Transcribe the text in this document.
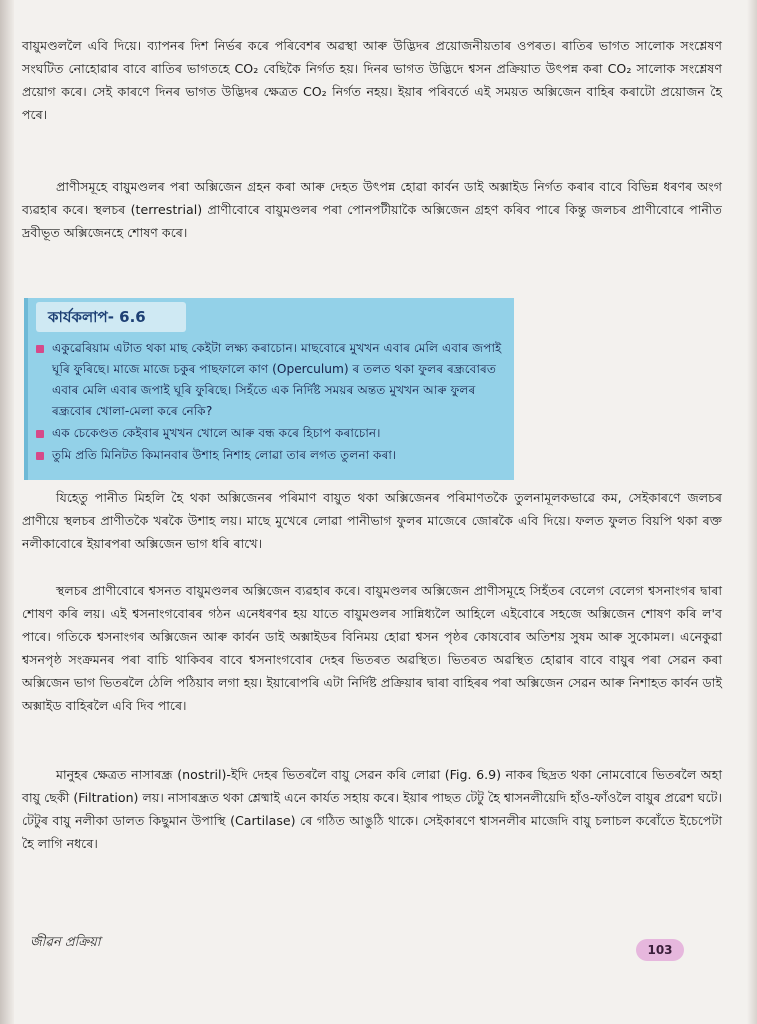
বায়ুমণ্ডললৈ এবি দিয়ে। ব্যাপনৰ দিশ নিৰ্ভৰ কৰে পৰিবেশৰ অৱস্থা আৰু উদ্ভিদৰ প্ৰয়োজনীয়তাৰ ওপৰত। ৰাতিৰ ভাগত সালোক সংশ্লেষণ সংঘটিত নোহোৱাৰ বাবে ৰাতিৰ ভাগতহে CO₂ বেছিকৈ নিৰ্গত হয়। দিনৰ ভাগত উদ্ভিদে শ্বসন প্ৰক্ৰিয়াত উৎপন্ন কৰা CO₂ সালোক সংশ্লেষণ প্ৰয়োগ কৰে। সেই কাৰণে দিনৰ ভাগত উদ্ভিদৰ ক্ষেত্ৰত CO₂ নিৰ্গত নহয়। ইয়াৰ পৰিবৰ্তে এই সময়ত অক্সিজেন বাহিৰ কৰাটো প্ৰয়োজন হৈ পৰে।

প্ৰাণীসমূহে বায়ুমণ্ডলৰ পৰা অক্সিজেন গ্ৰহন কৰা আৰু দেহত উৎপন্ন হোৱা কাৰ্বন ডাই অক্সাইড নিৰ্গত কৰাৰ বাবে বিভিন্ন ধৰণৰ অংগ ব্যৱহাৰ কৰে। স্থলচৰ (terrestrial) প্ৰাণীবোৰে বায়ুমণ্ডলৰ পৰা পোনপটীয়াকৈ অক্সিজেন গ্ৰহণ কৰিব পাৰে কিন্তু জলচৰ প্ৰাণীবোৰে পানীত দ্ৰবীভূত অক্সিজেনহে শোষণ কৰে।

কাৰ্যকলাপ- 6.6
একুৱেৰিয়াম এটাত থকা মাছ কেইটা লক্ষ্য কৰাচোন। মাছবোৰে মুখখন এবাৰ মেলি এবাৰ জপাই ঘূৰি ফুৰিছে। মাজে মাজে চকুৰ পাছফালে কাণ (Operculum) ৰ তলত থকা ফুলৰ ৰন্ধ্ৰবোৰত এবাৰ মেলি এবাৰ জপাই ঘূৰি ফুৰিছে। সিহঁতে এক নিৰ্দিষ্ট সময়ৰ অন্তত মুখখন আৰু ফুলৰ ৰন্ধ্ৰবোৰ খোলা-মেলা কৰে নেকি?
এক চেকেণ্ডত কেইবাৰ মুখখন খোলে আৰু বন্ধ কৰে হিচাপ কৰাচোন।
তুমি প্ৰতি মিনিটত কিমানবাৰ উশাহ নিশাহ লোৱা তাৰ লগত তুলনা কৰা।

যিহেতু পানীত মিহলি হৈ থকা অক্সিজেনৰ পৰিমাণ বায়ুত থকা অক্সিজেনৰ পৰিমাণতকৈ তুলনামূলকভাৱে কম, সেইকাৰণে জলচৰ প্ৰাণীয়ে স্থলচৰ প্ৰাণীতকৈ খৰকৈ উশাহ লয়। মাছে মুখেৰে লোৱা পানীভাগ ফুলৰ মাজেৰে জোৰকৈ এবি দিয়ে। ফলত ফুলত বিয়পি থকা ৰক্ত নলীকাবোৰে ইয়াৰপৰা অক্সিজেন ভাগ ধৰি ৰাখে।

স্থলচৰ প্ৰাণীবোৰে শ্বসনত বায়ুমণ্ডলৰ অক্সিজেন ব্যৱহাৰ কৰে। বায়ুমণ্ডলৰ অক্সিজেন প্ৰাণীসমূহে সিহঁতৰ বেলেগ বেলেগ শ্বসনাংগৰ দ্বাৰা শোষণ কৰি লয়। এই শ্বসনাংগবোৰৰ গঠন এনেধৰণৰ হয় যাতে বায়ুমণ্ডলৰ সান্নিধ্যলৈ আহিলে এইবোৰে সহজে অক্সিজেন শোষণ কৰি ল'ব পাৰে। গতিকে শ্বসনাংগৰ অক্সিজেন আৰু কাৰ্বন ডাই অক্সাইডৰ বিনিময় হোৱা শ্বসন পৃষ্ঠৰ কোষবোৰ অতিশয় সুষম আৰু সুকোমল। এনেকুৱা শ্বসনপৃষ্ঠ সংক্ৰমনৰ পৰা বাচি থাকিবৰ বাবে শ্বসনাংগবোৰ দেহৰ ভিতৰত অৱস্থিত। ভিতৰত অৱস্থিত হোৱাৰ বাবে বায়ুৰ পৰা সেৱন কৰা অক্সিজেন ভাগ ভিতৰলৈ ঠেলি পঠিয়াব লগা হয়। ইয়াৰোপৰি এটা নিৰ্দিষ্ট প্ৰক্ৰিয়াৰ দ্বাৰা বাহিৰৰ পৰা অক্সিজেন সেৱন আৰু নিশাহত কাৰ্বন ডাই অক্সাইড বাহিৰলৈ এবি দিব পাৰে।

মানুহৰ ক্ষেত্ৰত নাসাৰন্ধ্ৰ (nostril)-ইদি দেহৰ ভিতৰলৈ বায়ু সেৱন কৰি লোৱা (Fig. 6.9) নাকৰ ছিদ্ৰত থকা নোমবোৰে ভিতৰলৈ অহা বায়ু ছেকী (Filtration) লয়। নাসাৰন্ধ্ৰত থকা শ্লেষ্মাই এনে কাৰ্যত সহায় কৰে। ইয়াৰ পাছত টেটু হৈ শ্বাসনলীয়েদি হাঁও-ফাঁওলৈ বায়ুৰ প্ৰৱেশ ঘটে। টেটুৰ বায়ু নলীকা ডালত কিছুমান উপাস্থি (Cartilase) ৰে গঠিত আঙুঠি থাকে। সেইকাৰণে শ্বাসনলীৰ মাজেদি বায়ু চলাচল কৰোঁতে ইচেপেটা হৈ লাগি নধৰে।

জীৱন প্ৰক্ৰিয়া	103
